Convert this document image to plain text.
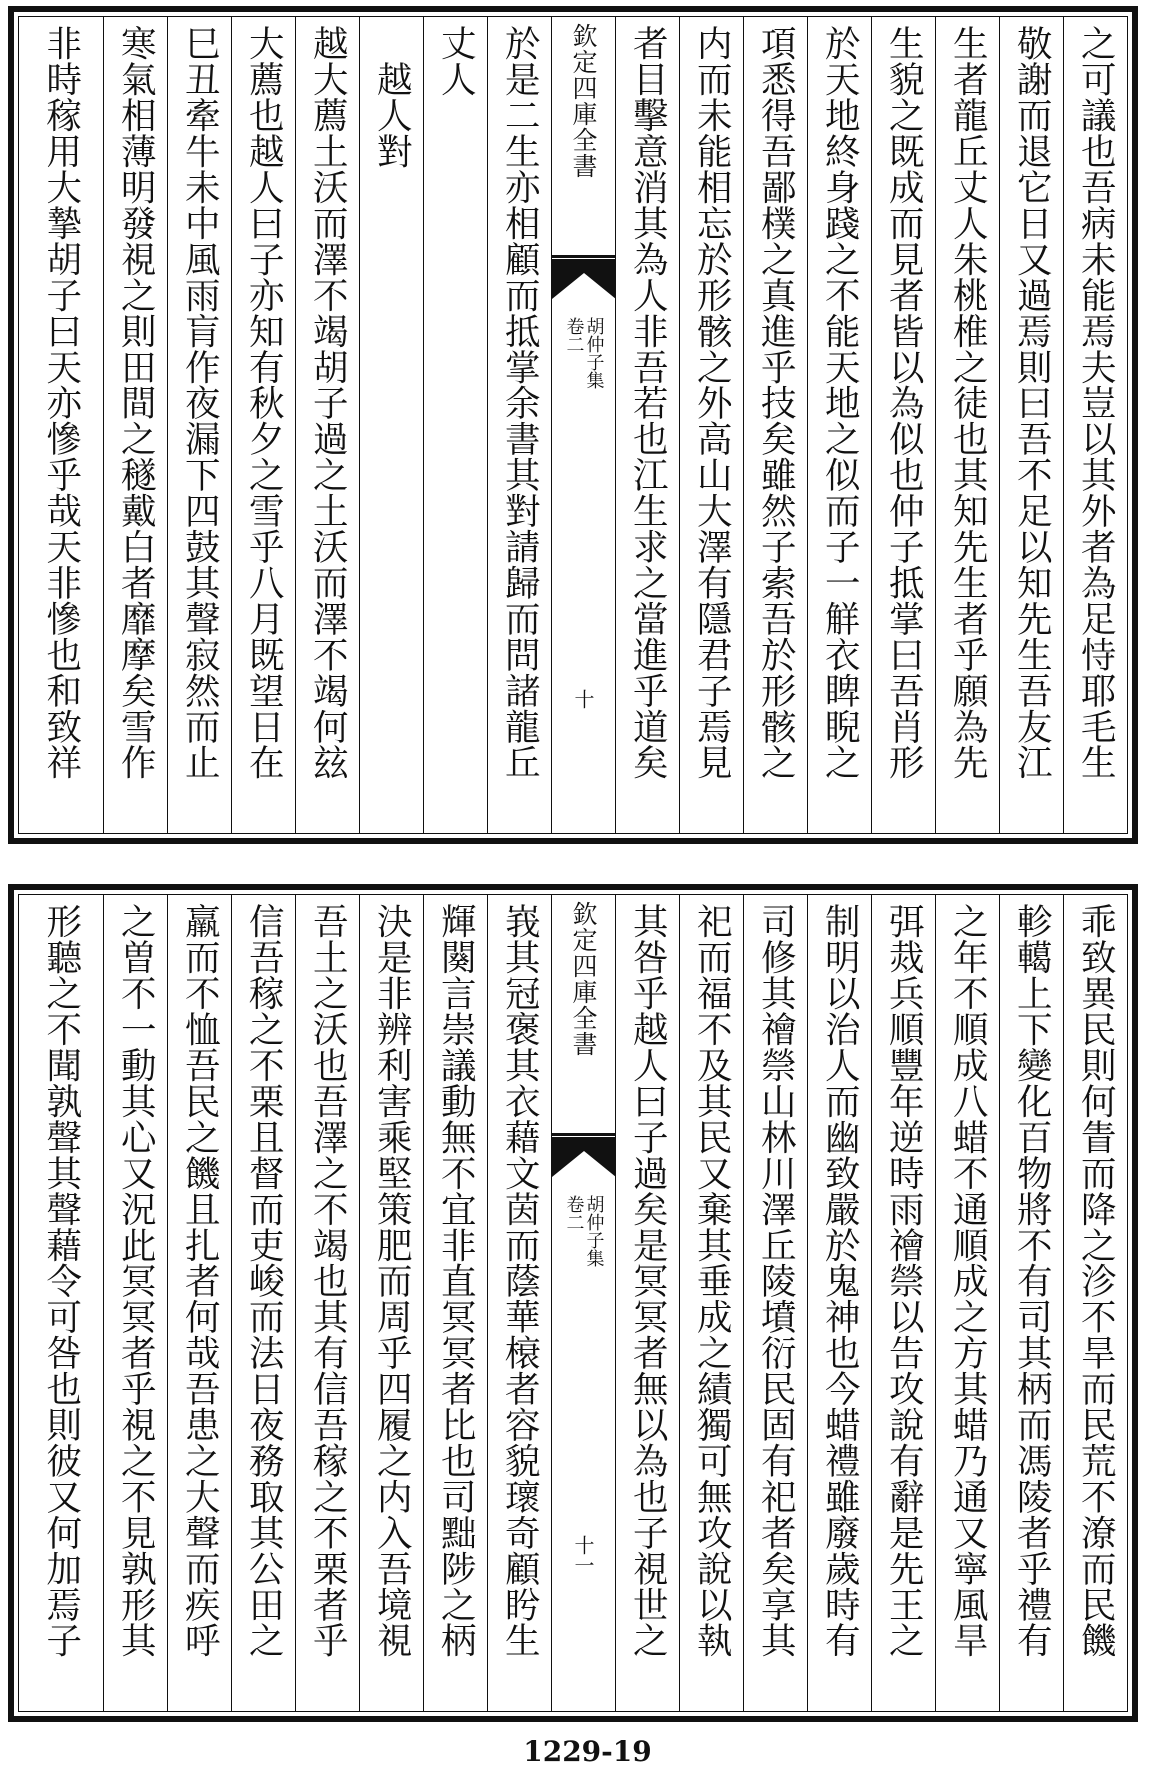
之可議也吾病未能焉夫豈以其外者為足恃耶毛生
敬謝而退它日又過焉則曰吾不足以知先生吾友江
生者龍丘丈人朱桃椎之徒也其知先生者乎願為先
生貌之既成而見者皆以為似也仲子抵掌曰吾肖形
於天地終身踐之不能天地之似而子一觧衣睥睨之
項悉得吾鄙樸之真進乎技矣雖然子索吾於形骸之
内而未能相忘於形骸之外高山大澤有隱君子焉見
者目擊意消其為人非吾若也江生求之當進乎道矣
欽定四庫全書
胡仲子集
卷二
十
於是二生亦相顧而抵掌余書其對請歸而問諸龍丘
丈人
越人對
越大薦土沃而澤不竭胡子過之土沃而澤不竭何玆
大薦也越人曰子亦知有秋夕之雪乎八月既望日在
巳丑牽牛未中風雨肓作夜漏下四鼓其聲寂然而止
寒氣相薄明發視之則田間之穟戴白者靡摩矣雪作
非時稼用大摯胡子曰天亦慘乎哉天非慘也和致祥
乖致異民則何眚而降之沴不旱而民荒不潦而民饑
軫轕上下變化百物將不有司其柄而馮陵者乎禮有
之年不順成八蜡不通順成之方其蜡乃通又寧風旱
弭烖兵順豐年逆時雨禬禜以告攻說有辭是先王之
制明以治人而幽致嚴於鬼神也今蜡禮雖廢歲時有
司修其禬禜山林川澤丘陵墳衍民固有祀者矣享其
祀而福不及其民又棄其垂成之績獨可無攻說以執
其咎乎越人曰子過矣是冥冥者無以為也子視世之
欽定四庫全書
胡仲子集
卷二
十一
峩其冠褒其衣藉文茵而蔭華榱者容貌瓌奇顧盻生
輝闋言崇議動無不宜非直冥冥者比也司黜陟之柄
決是非辨利害乘堅策肥而周乎四履之内入吾境視
吾土之沃也吾澤之不竭也其有信吾稼之不栗者乎
信吾稼之不栗且督而吏峻而法日夜務取其公田之
羸而不恤吾民之饑且扎者何哉吾患之大聲而疾呼
之曽不一動其心又況此冥冥者乎視之不見孰形其
形聽之不聞孰聲其聲藉令可咎也則彼又何加焉子
1229-19
